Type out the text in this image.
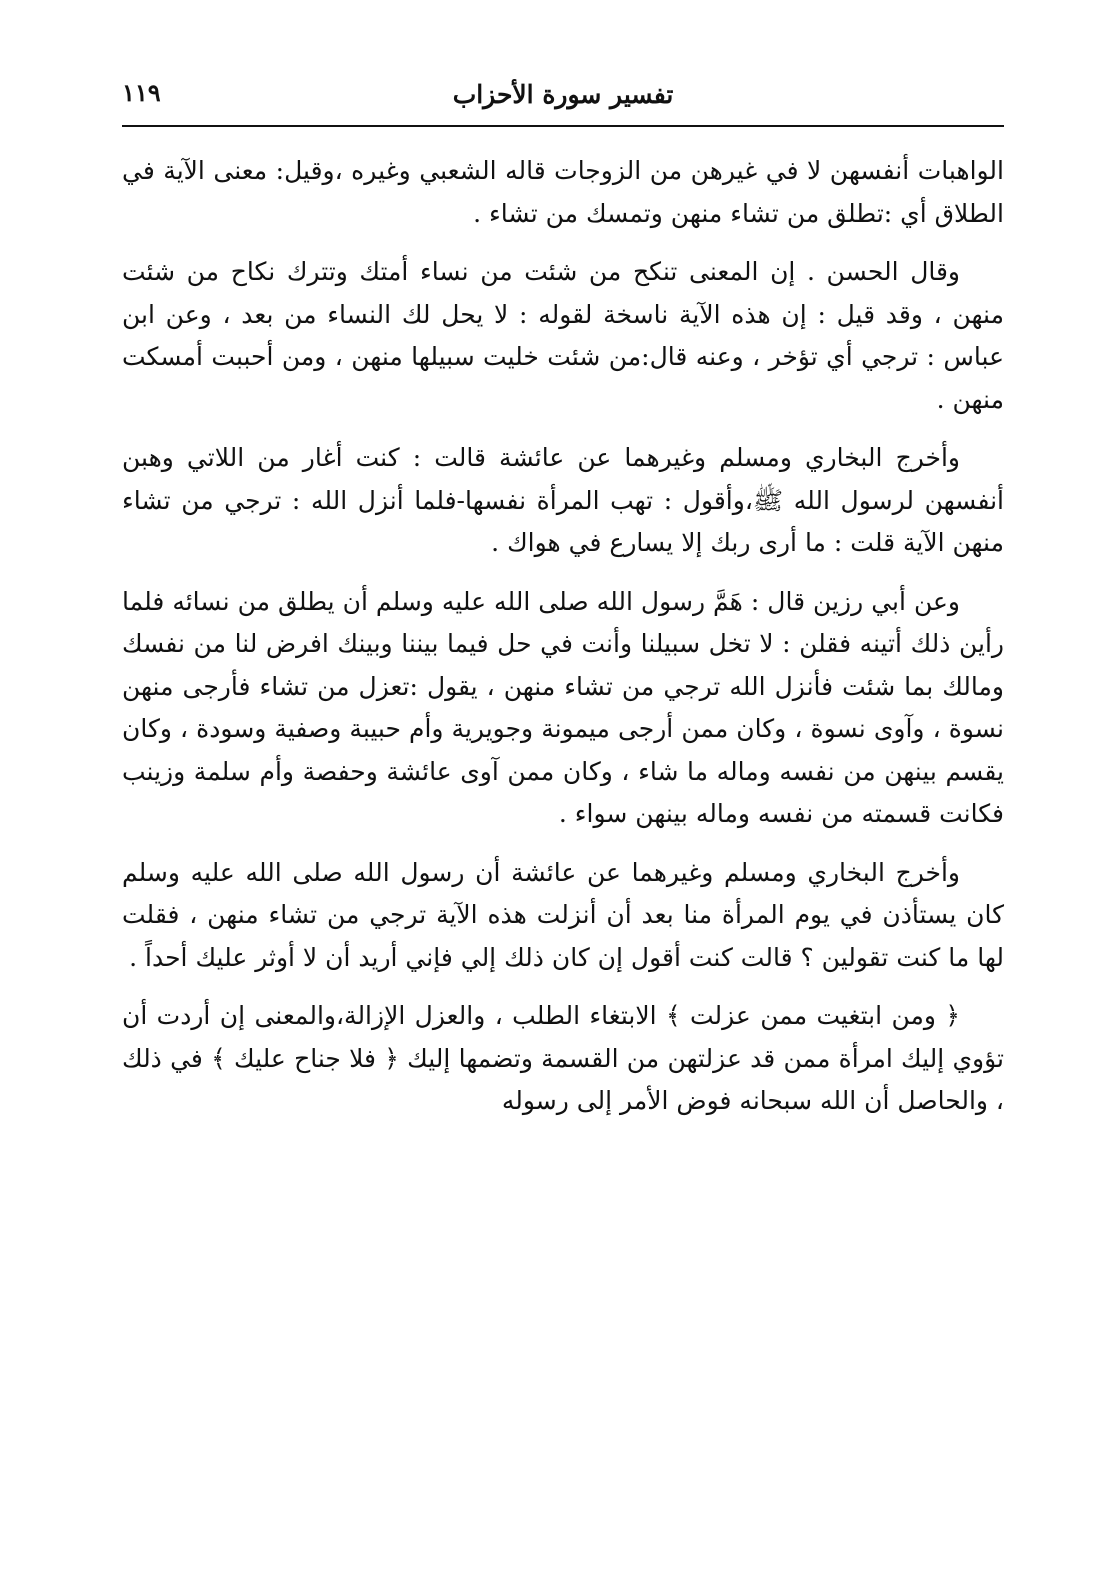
١١٩	تفسير سورة الأحزاب

الواهبات أنفسهن لا في غيرهن من الزوجات قاله الشعبي وغيره ،وقيل: معنى الآية في الطلاق أي :تطلق من تشاء منهن وتمسك من تشاء .

وقال الحسن . إن المعنى تنكح من شئت من نساء أمتك وتترك نكاح من شئت منهن ، وقد قيل : إن هذه الآية ناسخة لقوله : لا يحل لك النساء من بعد ، وعن ابن عباس : ترجي أي تؤخر ، وعنه قال:من شئت خليت سبيلها منهن ، ومن أحببت أمسكت منهن .

وأخرج البخاري ومسلم وغيرهما عن عائشة قالت : كنت أغار من اللاتي وهبن أنفسهن لرسول الله ﷺ،وأقول : تهب المرأة نفسها-فلما أنزل الله : ترجي من تشاء منهن الآية قلت : ما أرى ربك إلا يسارع في هواك .

وعن أبي رزين قال : هَمَّ رسول الله صلى الله عليه وسلم أن يطلق من نسائه فلما رأين ذلك أتينه فقلن : لا تخل سبيلنا وأنت في حل فيما بيننا وبينك افرض لنا من نفسك ومالك بما شئت فأنزل الله ترجي من تشاء منهن ، يقول :تعزل من تشاء فأرجى منهن نسوة ، وآوى نسوة ، وكان ممن أرجى ميمونة وجويرية وأم حبيبة وصفية وسودة ، وكان يقسم بينهن من نفسه وماله ما شاء ، وكان ممن آوى عائشة وحفصة وأم سلمة وزينب فكانت قسمته من نفسه وماله بينهن سواء .

وأخرج البخاري ومسلم وغيرهما عن عائشة أن رسول الله صلى الله عليه وسلم كان يستأذن في يوم المرأة منا بعد أن أنزلت هذه الآية ترجي من تشاء منهن ، فقلت لها ما كنت تقولين ؟ قالت كنت أقول إن كان ذلك إلي فإني أريد أن لا أوثر عليك أحداً .

﴿ ومن ابتغيت ممن عزلت ﴾ الابتغاء الطلب ، والعزل الإزالة،والمعنى إن أردت أن تؤوي إليك امرأة ممن قد عزلتهن من القسمة وتضمها إليك ﴿ فلا جناح عليك ﴾ في ذلك ، والحاصل أن الله سبحانه فوض الأمر إلى رسوله
